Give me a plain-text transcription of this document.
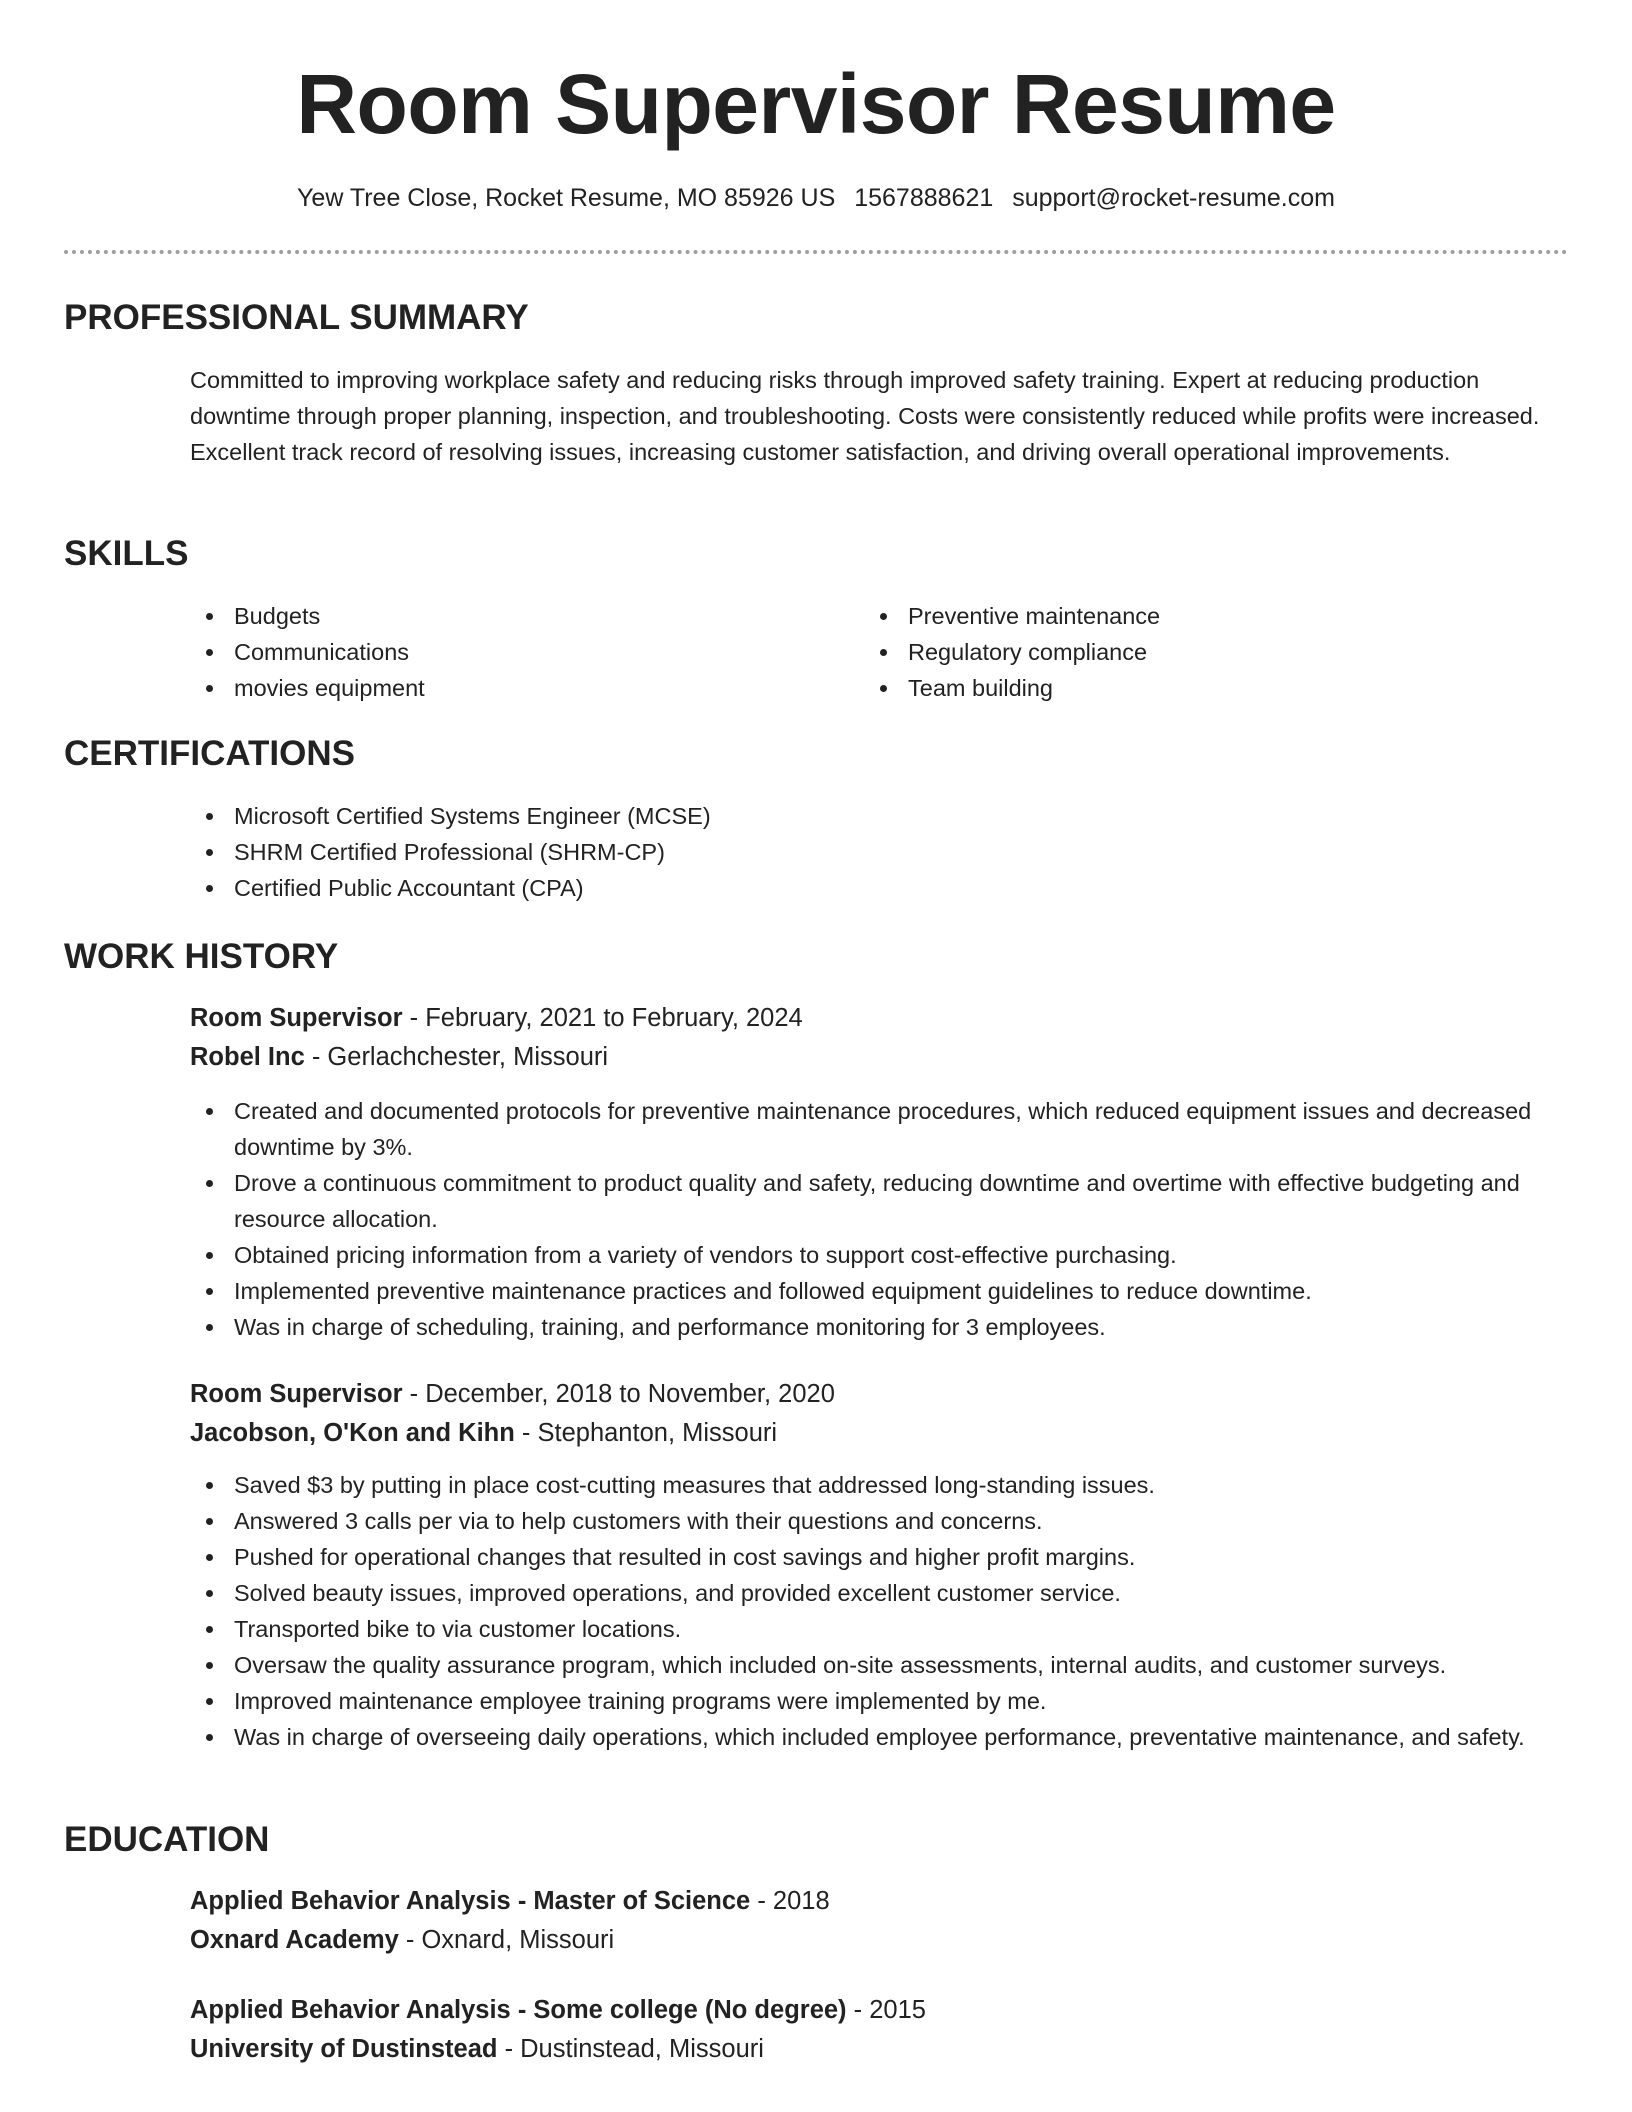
Room Supervisor Resume
Yew Tree Close, Rocket Resume, MO 85926 US 1567888621 support@rocket-resume.com
PROFESSIONAL SUMMARY
Committed to improving workplace safety and reducing risks through improved safety training. Expert at reducing production downtime through proper planning, inspection, and troubleshooting. Costs were consistently reduced while profits were increased. Excellent track record of resolving issues, increasing customer satisfaction, and driving overall operational improvements.
SKILLS
Budgets
Communications
movies equipment
Preventive maintenance
Regulatory compliance
Team building
CERTIFICATIONS
Microsoft Certified Systems Engineer (MCSE)
SHRM Certified Professional (SHRM-CP)
Certified Public Accountant (CPA)
WORK HISTORY
Room Supervisor - February, 2021 to February, 2024
Robel Inc - Gerlachchester, Missouri
Created and documented protocols for preventive maintenance procedures, which reduced equipment issues and decreased downtime by 3%.
Drove a continuous commitment to product quality and safety, reducing downtime and overtime with effective budgeting and resource allocation.
Obtained pricing information from a variety of vendors to support cost-effective purchasing.
Implemented preventive maintenance practices and followed equipment guidelines to reduce downtime.
Was in charge of scheduling, training, and performance monitoring for 3 employees.
Room Supervisor - December, 2018 to November, 2020
Jacobson, O'Kon and Kihn - Stephanton, Missouri
Saved $3 by putting in place cost-cutting measures that addressed long-standing issues.
Answered 3 calls per via to help customers with their questions and concerns.
Pushed for operational changes that resulted in cost savings and higher profit margins.
Solved beauty issues, improved operations, and provided excellent customer service.
Transported bike to via customer locations.
Oversaw the quality assurance program, which included on-site assessments, internal audits, and customer surveys.
Improved maintenance employee training programs were implemented by me.
Was in charge of overseeing daily operations, which included employee performance, preventative maintenance, and safety.
EDUCATION
Applied Behavior Analysis - Master of Science - 2018
Oxnard Academy - Oxnard, Missouri
Applied Behavior Analysis - Some college (No degree) - 2015
University of Dustinstead - Dustinstead, Missouri
